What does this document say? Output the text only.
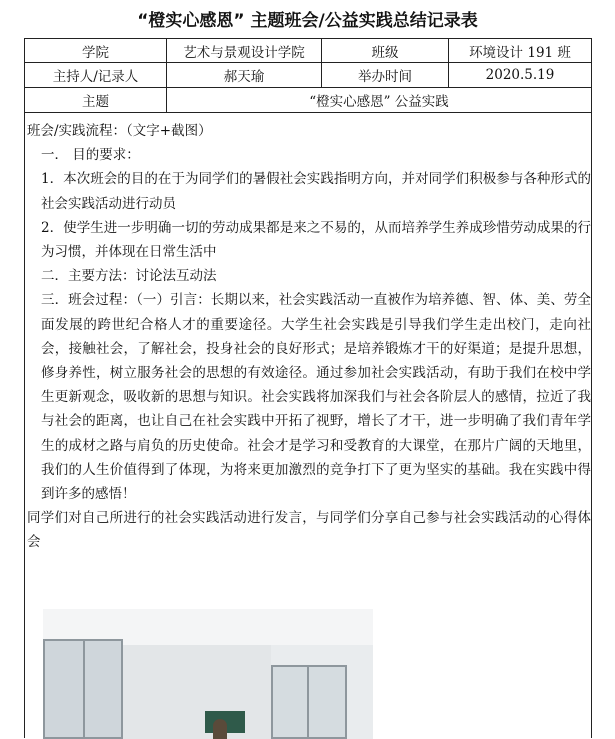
“橙实心感恩” 主题班会/公益实践总结记录表
学院	艺术与景观设计学院	班级	环境设计 191 班
主持人/记录人	郝天瑜	举办时间	2020.5.19
主题	“橙实心感恩” 公益实践

班会/实践流程：（文字+截图）

一． 目的要求：

1．本次班会的目的在于为同学们的暑假社会实践指明方向，并对同学们积极参与各种形式的社会实践活动进行动员

2．使学生进一步明确一切的劳动成果都是来之不易的，从而培养学生养成珍惜劳动成果的行为习惯，并体现在日常生活中

二．主要方法：讨论法互动法

三．班会过程：（一）引言：长期以来，社会实践活动一直被作为培养德、智、体、美、劳全面发展的跨世纪合格人才的重要途径。大学生社会实践是引导我们学生走出校门，走向社会，接触社会，了解社会，投身社会的良好形式；是培养锻炼才干的好渠道；是提升思想，修身养性，树立服务社会的思想的有效途径。通过参加社会实践活动，有助于我们在校中学生更新观念，吸收新的思想与知识。社会实践将加深我们与社会各阶层人的感情，拉近了我与社会的距离，也让自己在社会实践中开拓了视野，增长了才干，进一步明确了我们青年学生的成材之路与肩负的历史使命。社会才是学习和受教育的大课堂，在那片广阔的天地里，我们的人生价值得到了体现，为将来更加激烈的竞争打下了更为坚实的基础。我在实践中得到许多的感悟！

同学们对自己所进行的社会实践活动进行发言，与同学们分享自己参与社会实践活动的心得体会
